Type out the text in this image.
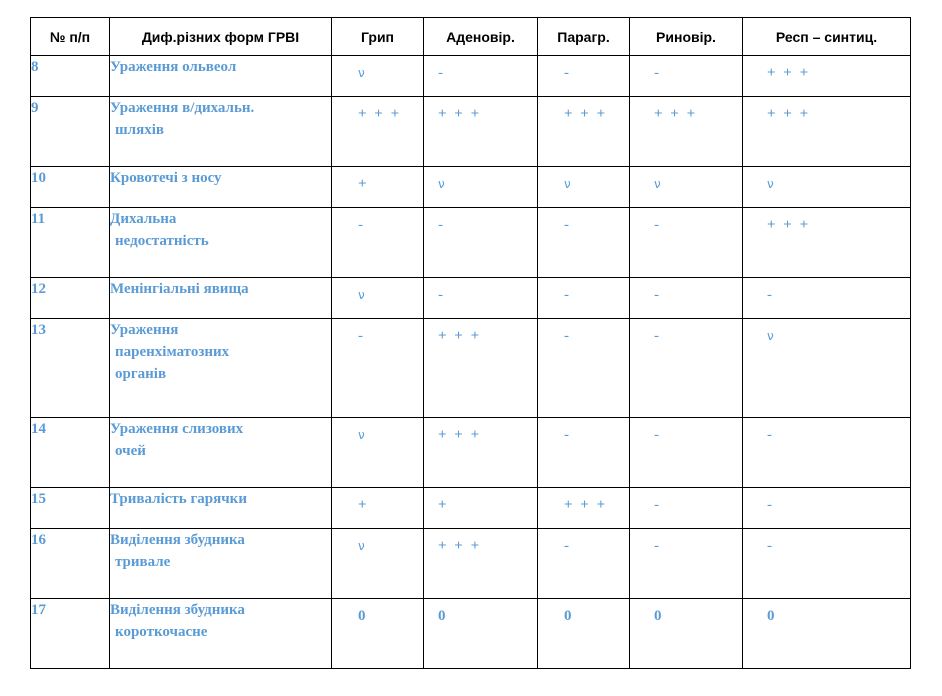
№ п/п	Диф.різних форм ГРВІ	Грип	Аденовір.	Парагр.	Риновір.	Респ – синтиц.
8	Ураження ольвеол	ν	-	-	-	+ + +
9	Ураження в/дихальн.
шляхів	+ + +	+ + +	+ + +	+ + +	+ + +
10	Кровотечі з носу	+	ν	ν	ν	ν
11	Дихальна
недостатність	-	-	-	-	+ + +
12	Менінгіальні явища	ν	-	-	-	-
13	Ураження
паренхіматозних
органів	-	+ + +	-	-	ν
14	Ураження слизових
очей	ν	+ + +	-	-	-
15	Тривалість гарячки	+	+	+ + +	-	-
16	Виділення збудника
тривале	ν	+ + +	-	-	-
17	Виділення збудника
короткочасне	0	0	0	0	0
